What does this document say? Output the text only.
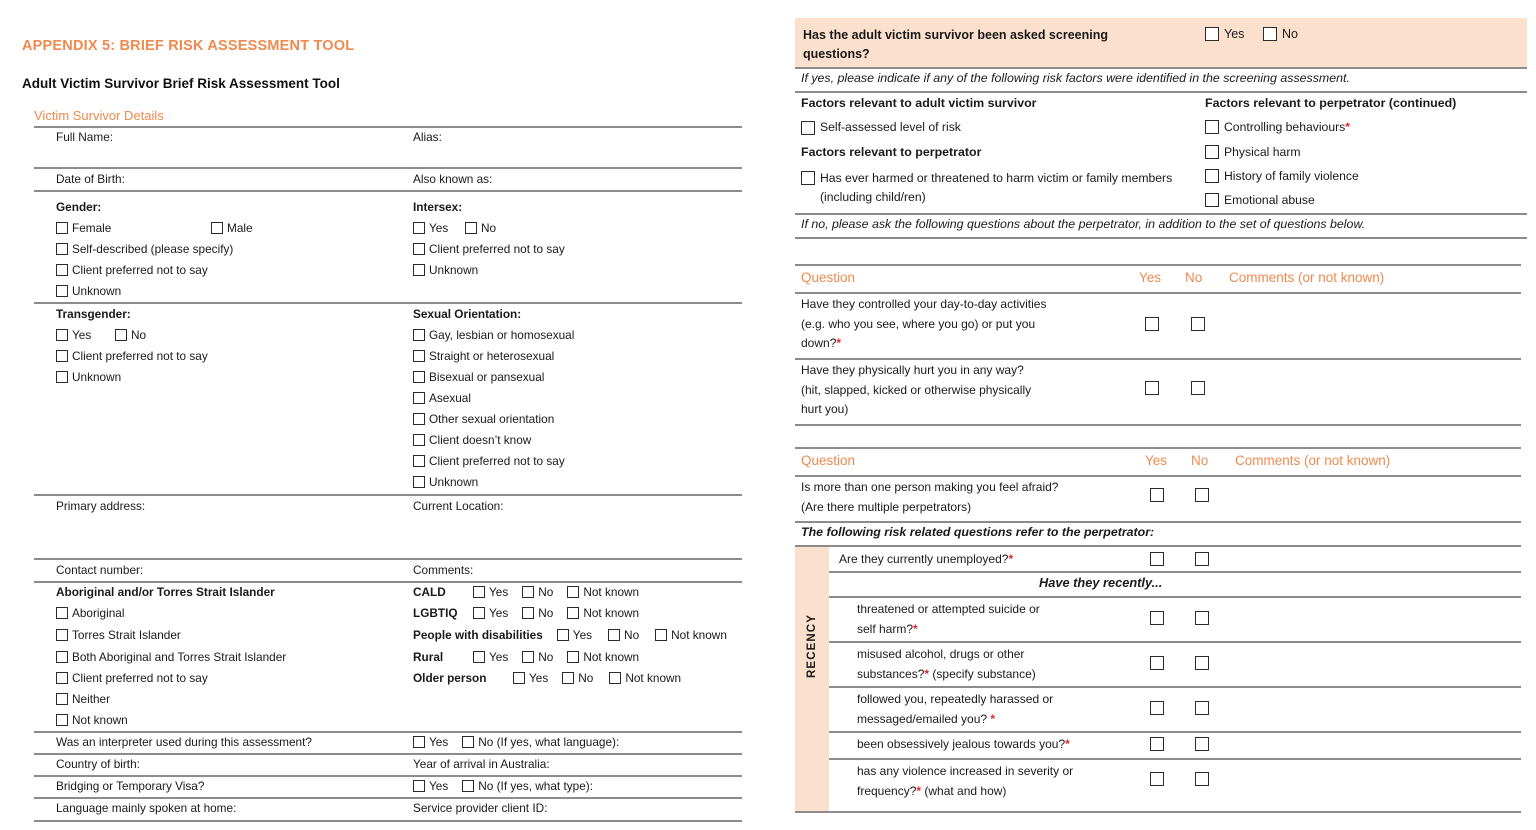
APPENDIX 5: BRIEF RISK ASSESSMENT TOOL
Adult Victim Survivor Brief Risk Assessment Tool
Victim Survivor Details
Full Name:	Alias:
Date of Birth:	Also known as:
Gender:
Female	Male
Self-described (please specify)
Client preferred not to say
Unknown
Intersex:
Yes	No
Client preferred not to say
Unknown
Transgender:
Yes	No
Client preferred not to say
Unknown
Sexual Orientation:
Gay, lesbian or homosexual
Straight or heterosexual
Bisexual or pansexual
Asexual
Other sexual orientation
Client doesn’t know
Client preferred not to say
Unknown
Primary address:	Current Location:
Contact number:	Comments:
Aboriginal and/or Torres Strait Islander
Aboriginal
Torres Strait Islander
Both Aboriginal and Torres Strait Islander
Client preferred not to say
Neither
Not known
CALD	Yes	No	Not known
LGBTIQ	Yes	No	Not known
People with disabilities	Yes	No	Not known
Rural	Yes	No	Not known
Older person	Yes	No	Not known
Was an interpreter used during this assessment?	Yes	No (If yes, what language):
Country of birth:	Year of arrival in Australia:
Bridging or Temporary Visa?	Yes	No (If yes, what type):
Language mainly spoken at home:	Service provider client ID:
Has the adult victim survivor been asked screening questions?
Yes	No
If yes, please indicate if any of the following risk factors were identified in the screening assessment.
Factors relevant to adult victim survivor	Factors relevant to perpetrator (continued)
Self-assessed level of risk
Factors relevant to perpetrator
Has ever harmed or threatened to harm victim or family members (including child/ren)
Controlling behaviours *
Physical harm
History of family violence
Emotional abuse
If no, please ask the following questions about the perpetrator, in addition to the set of questions below.
Question	Yes No Comments (or not known)
Have they controlled your day-to-day activities
(e.g. who you see, where you go) or put you
down?*
Have they physically hurt you in any way?
(hit, slapped, kicked or otherwise physically
hurt you)
Question	Yes No Comments (or not known)
Is more than one person making you feel afraid?
(Are there multiple perpetrators)
The following risk related questions refer to the perpetrator:
RECENCY
Are they currently unemployed?*
Have they recently...
threatened or attempted suicide or
self harm?*
misused alcohol, drugs or other
substances?* (specify substance)
followed you, repeatedly harassed or
messaged/emailed you? *
been obsessively jealous towards you?*
has any violence increased in severity or
frequency?* (what and how)
